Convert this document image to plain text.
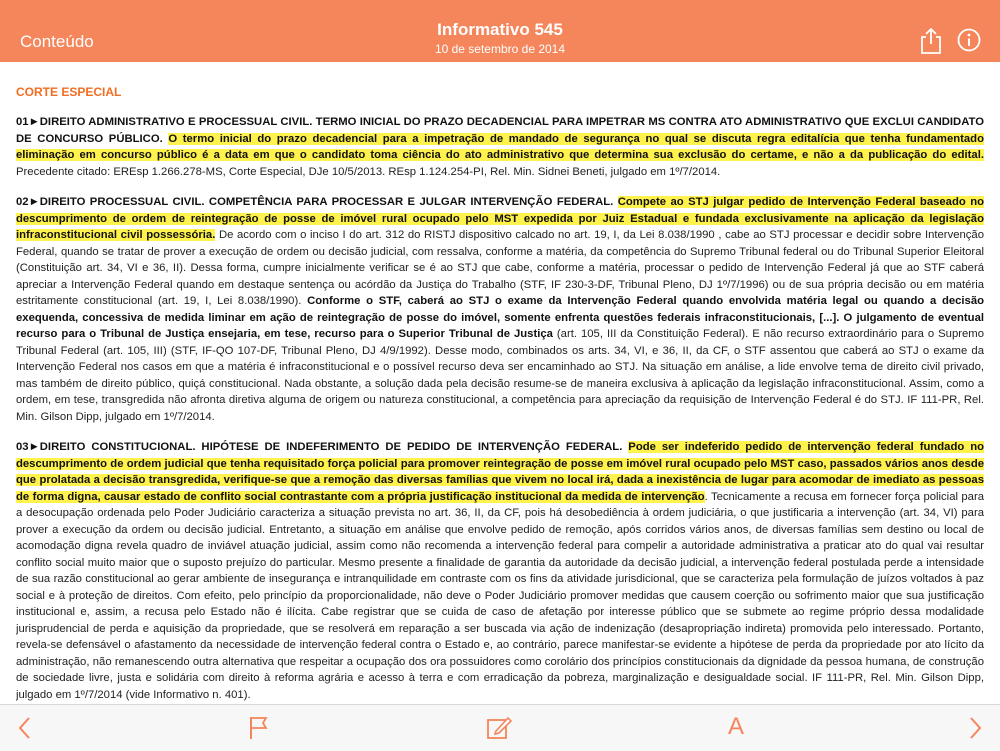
Conteúdo
Informativo 545
10 de setembro de 2014
CORTE ESPECIAL

01►DIREITO ADMINISTRATIVO E PROCESSUAL CIVIL. TERMO INICIAL DO PRAZO DECADENCIAL PARA IMPETRAR MS CONTRA ATO ADMINISTRATIVO QUE EXCLUI CANDIDATO DE CONCURSO PÚBLICO. O termo inicial do prazo decadencial para a impetração de mandado de segurança no qual se discuta regra editalícia que tenha fundamentado eliminação em concurso público é a data em que o candidato toma ciência do ato administrativo que determina sua exclusão do certame, e não a da publicação do edital. Precedente citado: EREsp 1.266.278-MS, Corte Especial, DJe 10/5/2013. REsp 1.124.254-PI, Rel. Min. Sidnei Beneti, julgado em 1º/7/2014.

02►DIREITO PROCESSUAL CIVIL. COMPETÊNCIA PARA PROCESSAR E JULGAR INTERVENÇÃO FEDERAL. Compete ao STJ julgar pedido de Intervenção Federal baseado no descumprimento de ordem de reintegração de posse de imóvel rural ocupado pelo MST expedida por Juiz Estadual e fundada exclusivamente na aplicação da legislação infraconstitucional civil possessória. De acordo com o inciso I do art. 312 do RISTJ dispositivo calcado no art. 19, I, da Lei 8.038/1990 , cabe ao STJ processar e decidir sobre Intervenção Federal, quando se tratar de prover a execução de ordem ou decisão judicial, com ressalva, conforme a matéria, da competência do Supremo Tribunal federal ou do Tribunal Superior Eleitoral (Constituição art. 34, VI e 36, II). Dessa forma, cumpre inicialmente verificar se é ao STJ que cabe, conforme a matéria, processar o pedido de Intervenção Federal já que ao STF caberá apreciar a Intervenção Federal quando em destaque sentença ou acórdão da Justiça do Trabalho (STF, IF 230-3-DF, Tribunal Pleno, DJ 1º/7/1996) ou de sua própria decisão ou em matéria estritamente constitucional (art. 19, I, Lei 8.038/1990). Conforme o STF, caberá ao STJ o exame da Intervenção Federal quando envolvida matéria legal ou quando a decisão exequenda, concessiva de medida liminar em ação de reintegração de posse do imóvel, somente enfrenta questões federais infraconstitucionais, [...]. O julgamento de eventual recurso para o Tribunal de Justiça ensejaria, em tese, recurso para o Superior Tribunal de Justiça (art. 105, III da Constituição Federal). E não recurso extraordinário para o Supremo Tribunal Federal (art. 105, III) (STF, IF-QO 107-DF, Tribunal Pleno, DJ 4/9/1992). Desse modo, combinados os arts. 34, VI, e 36, II, da CF, o STF assentou que caberá ao STJ o exame da Intervenção Federal nos casos em que a matéria é infraconstitucional e o possível recurso deva ser encaminhado ao STJ. Na situação em análise, a lide envolve tema de direito civil privado, mas também de direito público, quiçá constitucional. Nada obstante, a solução dada pela decisão resume-se de maneira exclusiva à aplicação da legislação infraconstitucional. Assim, como a ordem, em tese, transgredida não afronta diretiva alguma de origem ou natureza constitucional, a competência para apreciação da requisição de Intervenção Federal é do STJ. IF 111-PR, Rel. Min. Gilson Dipp, julgado em 1º/7/2014.

03►DIREITO CONSTITUCIONAL. HIPÓTESE DE INDEFERIMENTO DE PEDIDO DE INTERVENÇÃO FEDERAL. Pode ser indeferido pedido de intervenção federal fundado no descumprimento de ordem judicial que tenha requisitado força policial para promover reintegração de posse em imóvel rural ocupado pelo MST caso, passados vários anos desde que prolatada a decisão transgredida, verifique-se que a remoção das diversas famílias que vivem no local irá, dada a inexistência de lugar para acomodar de imediato as pessoas de forma digna, causar estado de conflito social contrastante com a própria justificação institucional da medida de intervenção. Tecnicamente a recusa em fornecer força policial para a desocupação ordenada pelo Poder Judiciário caracteriza a situação prevista no art. 36, II, da CF, pois há desobediência à ordem judiciária, o que justificaria a intervenção (art. 34, VI) para prover a execução da ordem ou decisão judicial. Entretanto, a situação em análise que envolve pedido de remoção, após corridos vários anos, de diversas famílias sem destino ou local de acomodação digna revela quadro de inviável atuação judicial, assim como não recomenda a intervenção federal para compelir a autoridade administrativa a praticar ato do qual vai resultar conflito social muito maior que o suposto prejuízo do particular. Mesmo presente a finalidade de garantia da autoridade da decisão judicial, a intervenção federal postulada perde a intensidade de sua razão constitucional ao gerar ambiente de insegurança e intranquilidade em contraste com os fins da atividade jurisdicional, que se caracteriza pela formulação de juízos voltados à paz social e à proteção de direitos. Com efeito, pelo princípio da proporcionalidade, não deve o Poder Judiciário promover medidas que causem coerção ou sofrimento maior que sua justificação institucional e, assim, a recusa pelo Estado não é ilícita. Cabe registrar que se cuida de caso de afetação por interesse público que se submete ao regime próprio dessa modalidade jurisprudencial de perda e aquisição da propriedade, que se resolverá em reparação a ser buscada via ação de indenização (desapropriação indireta) promovida pelo interessado. Portanto, revela-se defensável o afastamento da necessidade de intervenção federal contra o Estado e, ao contrário, parece manifestar-se evidente a hipótese de perda da propriedade por ato lícito da administração, não remanescendo outra alternativa que respeitar a ocupação dos ora possuidores como corolário dos princípios constitucionais da dignidade da pessoa humana, de construção de sociedade livre, justa e solidária com direito à reforma agrária e acesso à terra e com erradicação da pobreza, marginalização e desigualdade social. IF 111-PR, Rel. Min. Gilson Dipp, julgado em 1º/7/2014 (vide Informativo n. 401).

A
